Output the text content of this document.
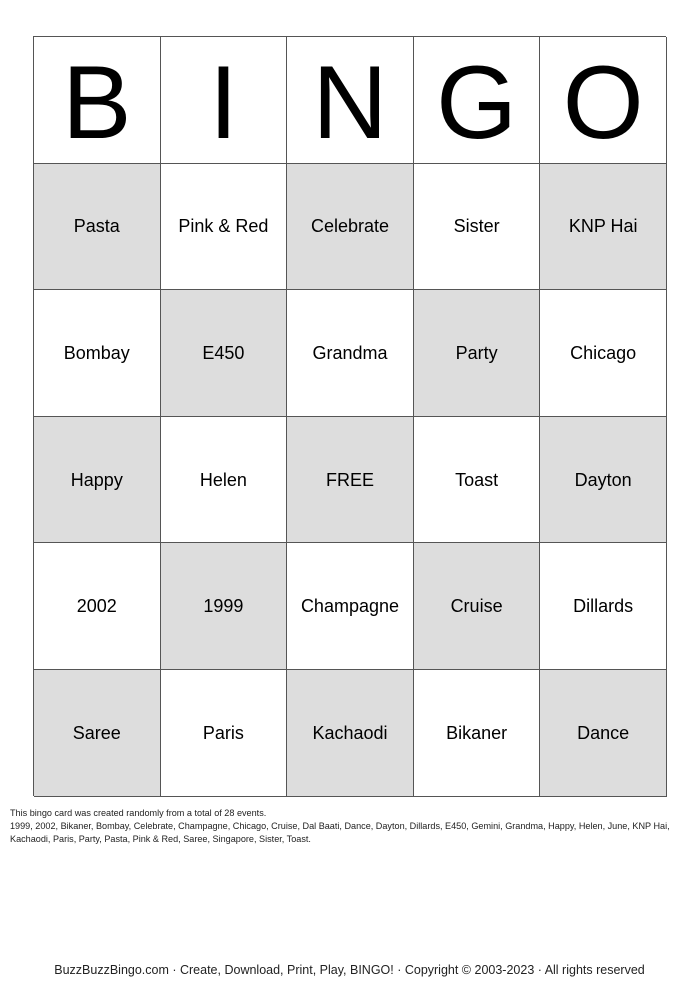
B I N G O
Pasta	Pink & Red	Celebrate	Sister	KNP Hai
Bombay	E450	Grandma	Party	Chicago
Happy	Helen	FREE	Toast	Dayton
2002	1999	Champagne	Cruise	Dillards
Saree	Paris	Kachaodi	Bikaner	Dance
This bingo card was created randomly from a total of 28 events.
1999, 2002, Bikaner, Bombay, Celebrate, Champagne, Chicago, Cruise, Dal Baati, Dance, Dayton, Dillards, E450, Gemini, Grandma, Happy, Helen, June, KNP Hai, Kachaodi, Paris, Party, Pasta, Pink & Red, Saree, Singapore, Sister, Toast.
BuzzBuzzBingo.com · Create, Download, Print, Play, BINGO! · Copyright © 2003-2023 · All rights reserved
